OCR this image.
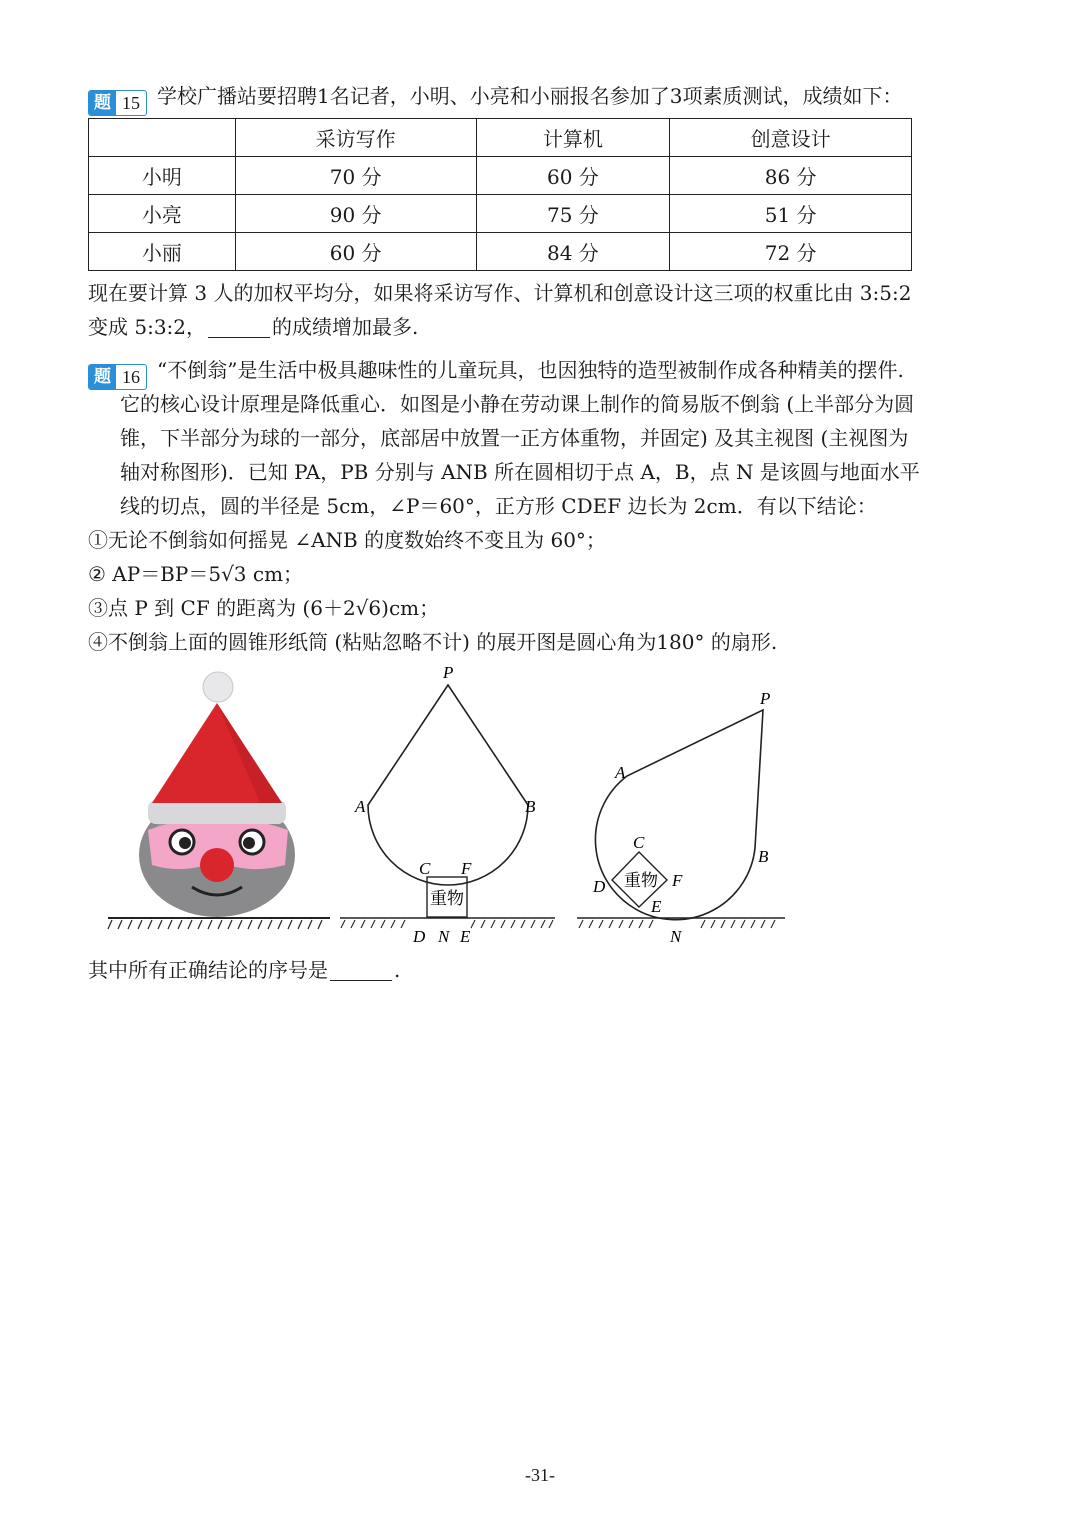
题 15 学校广播站要招聘1名记者，小明、小亮和小丽报名参加了3项素质测试，成绩如下：
	采访写作	计算机	创意设计
小明	70 分	60 分	86 分
小亮	90 分	75 分	51 分
小丽	60 分	84 分	72 分
现在要计算 3 人的加权平均分，如果将采访写作、计算机和创意设计这三项的权重比由 3:5:2
变成 5:3:2，	的成绩增加最多.
题 16 “不倒翁”是生活中极具趣味性的儿童玩具，也因独特的造型被制作成各种精美的摆件.
它的核心设计原理是降低重心．如图是小静在劳动课上制作的简易版不倒翁 (上半部分为圆
锥，下半部分为球的一部分，底部居中放置一正方体重物，并固定) 及其主视图 (主视图为
轴对称图形)．已知 PA，PB 分别与 ANB 所在圆相切于点 A，B，点 N 是该圆与地面水平
线的切点，圆的半径是 5cm，∠P＝60°，正方形 CDEF 边长为 2cm．有以下结论：
①无论不倒翁如何摇晃 ∠ANB 的度数始终不变且为 60°；
② AP＝BP＝5√3 cm；
③点 P 到 CF 的距离为 (6＋2√6)cm；
④不倒翁上面的圆锥形纸筒 (粘贴忽略不计) 的展开图是圆心角为180° 的扇形.
重物
P
A	B
C F
D N E
重物
P
A
B
C
D	F
E
N
其中所有正确结论的序号是	.
-31-
